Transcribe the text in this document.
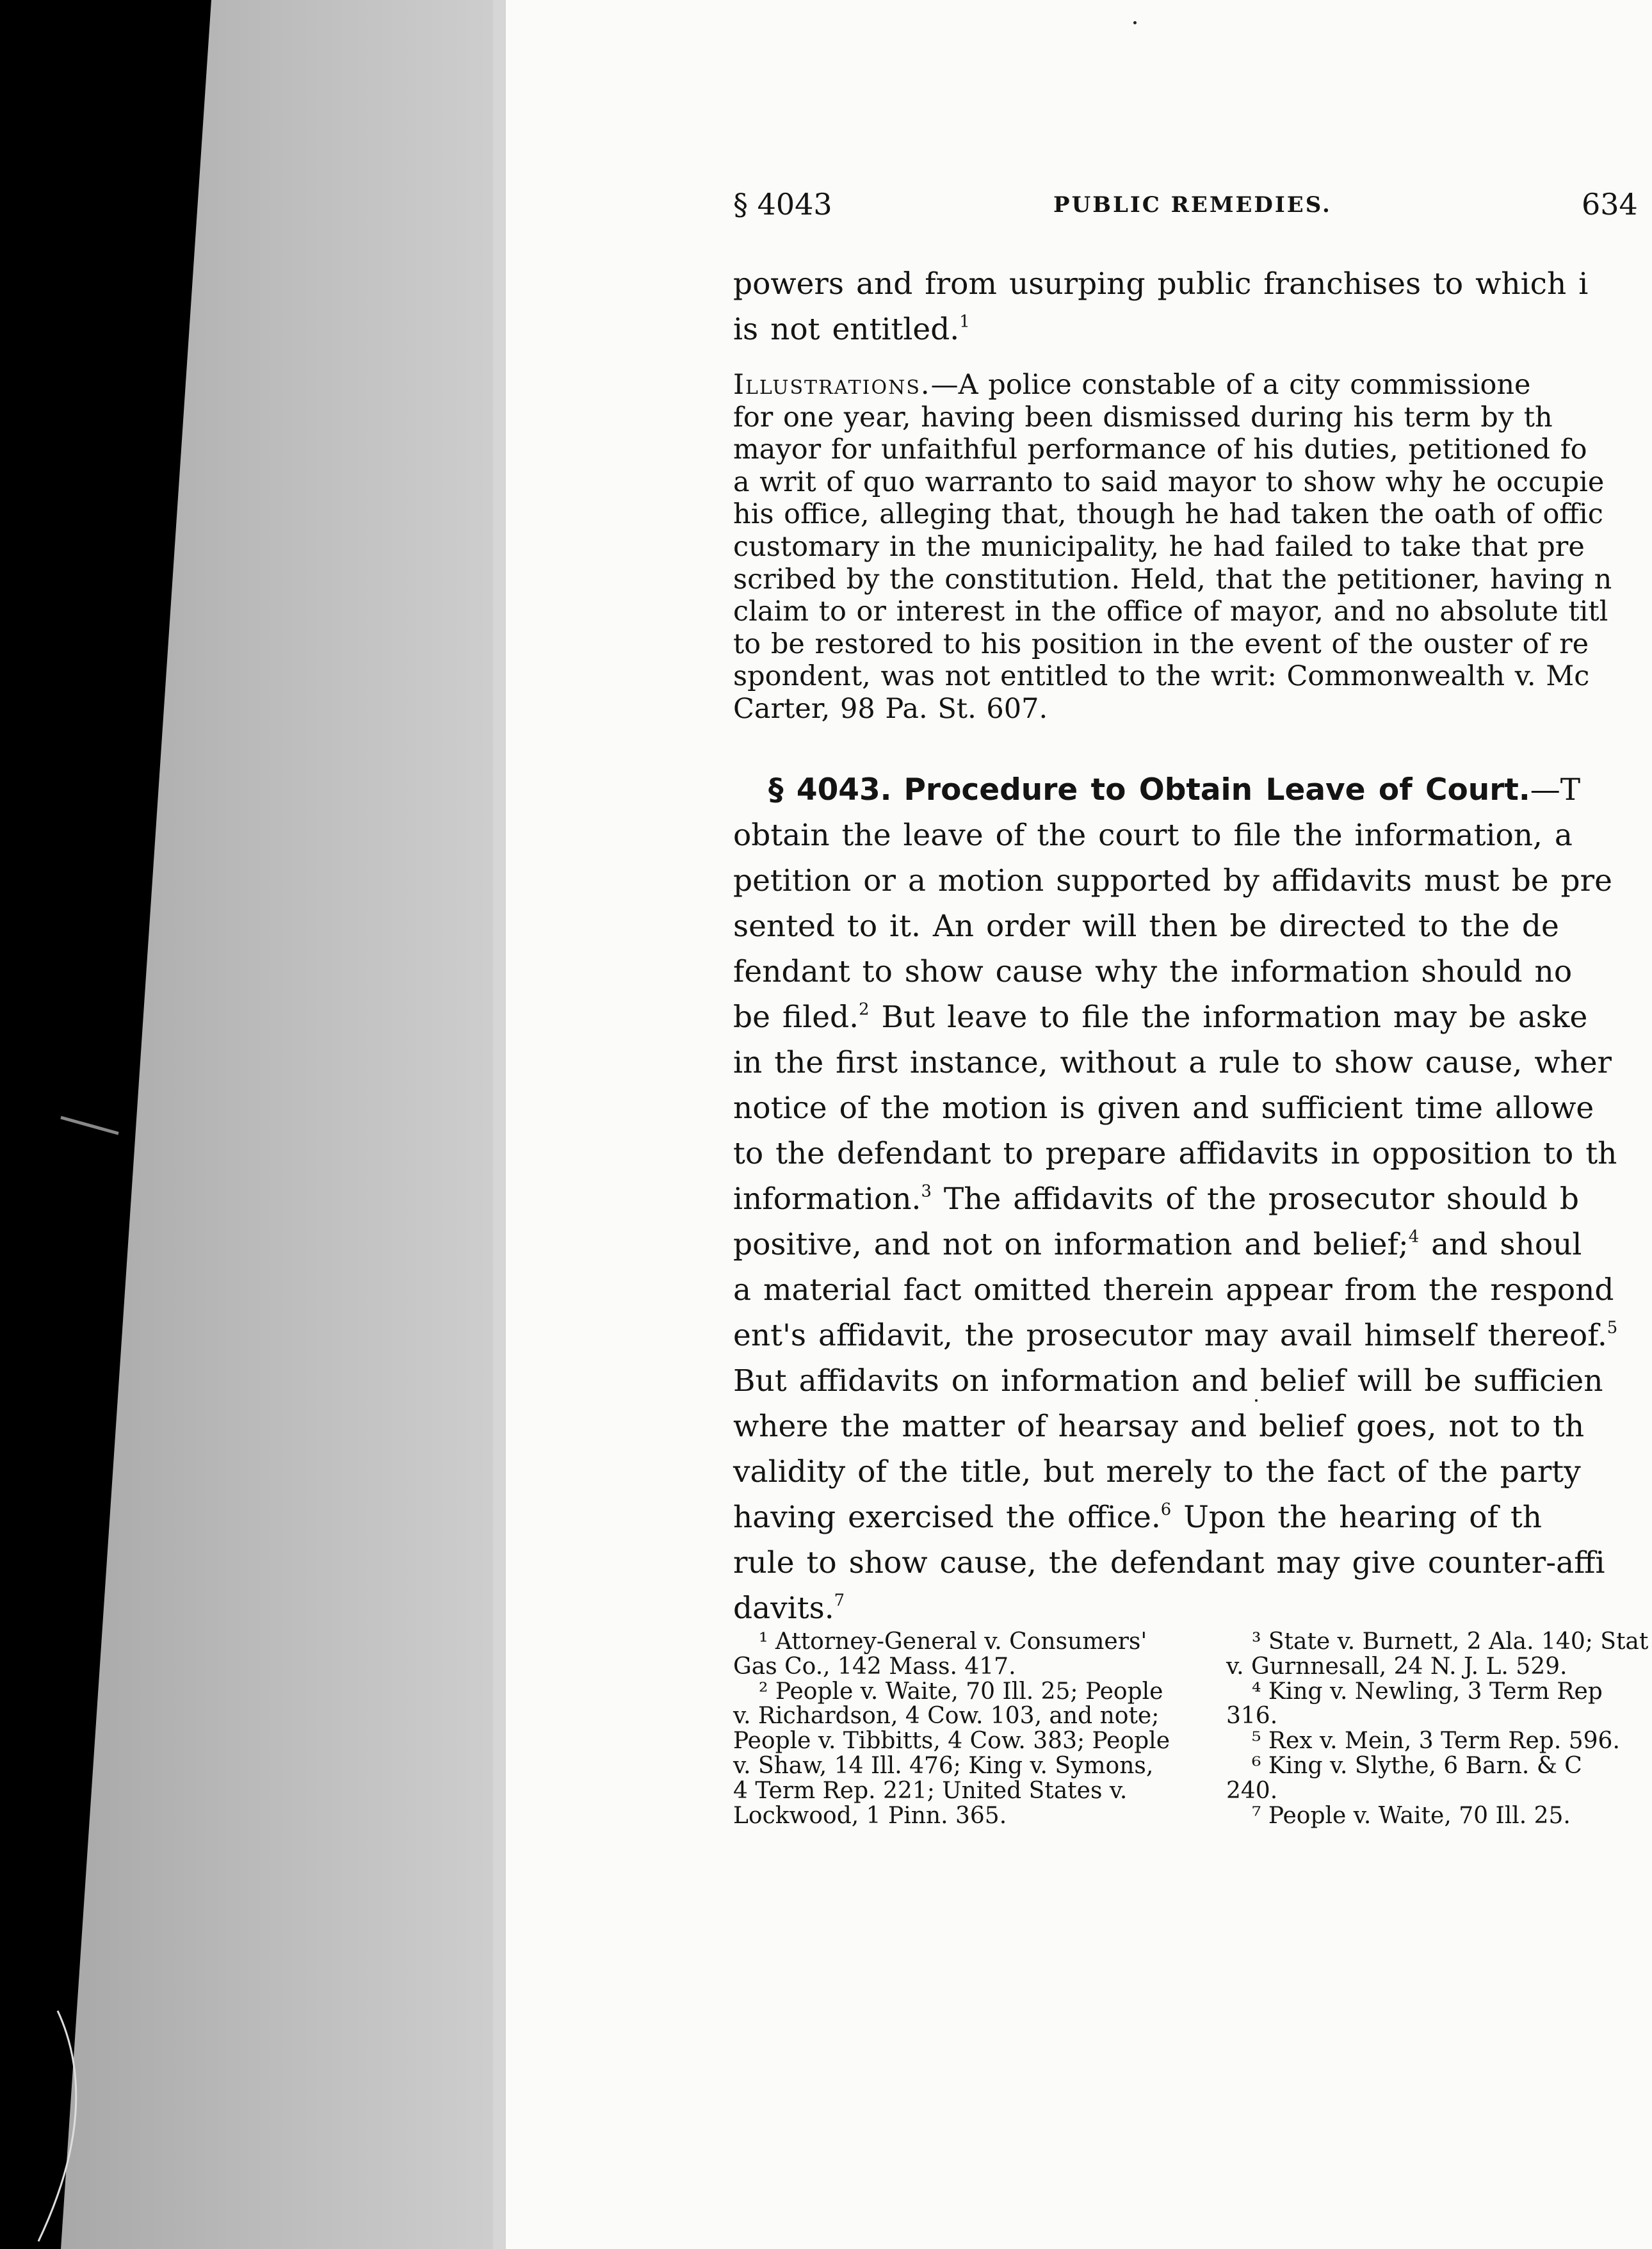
§ 4043	PUBLIC REMEDIES.	634
powers and from usurping public franchises to which i
is not entitled.$^1$
Illustrations.—A police constable of a city commissione
for one year, having been dismissed during his term by th
mayor for unfaithful performance of his duties, petitioned fo
a writ of quo warranto to said mayor to show why he occupie
his office, alleging that, though he had taken the oath of offic
customary in the municipality, he had failed to take that pre
scribed by the constitution. Held, that the petitioner, having n
claim to or interest in the office of mayor, and no absolute titl
to be restored to his position in the event of the ouster of re
spondent, was not entitled to the writ: Commonwealth v. Mc
Carter, 98 Pa. St. 607.
§ 4043. Procedure to Obtain Leave of Court.—T
obtain the leave of the court to file the information, a
petition or a motion supported by affidavits must be pre
sented to it. An order will then be directed to the de
fendant to show cause why the information should no
be filed.$^2$ But leave to file the information may be aske
in the first instance, without a rule to show cause, wher
notice of the motion is given and sufficient time allowe
to the defendant to prepare affidavits in opposition to th
information.$^3$ The affidavits of the prosecutor should b
positive, and not on information and belief;$^4$ and shoul
a material fact omitted therein appear from the respond
ent's affidavit, the prosecutor may avail himself thereof.$^5$
But affidavits on information and belief will be sufficien
where the matter of hearsay and belief goes, not to th
validity of the title, but merely to the fact of the party
having exercised the office.$^6$ Upon the hearing of th
rule to show cause, the defendant may give counter-affi
davits.$^7$
¹ Attorney-General v. Consumers'
Gas Co., 142 Mass. 417.
² People v. Waite, 70 Ill. 25; People
v. Richardson, 4 Cow. 103, and note;
People v. Tibbitts, 4 Cow. 383; People
v. Shaw, 14 Ill. 476; King v. Symons,
4 Term Rep. 221; United States v.
Lockwood, 1 Pinn. 365.
³ State v. Burnett, 2 Ala. 140; Stat
v. Gurnnesall, 24 N. J. L. 529.
⁴ King v. Newling, 3 Term Rep
316.
⁵ Rex v. Mein, 3 Term Rep. 596.
⁶ King v. Slythe, 6 Barn. & C
240.
⁷ People v. Waite, 70 Ill. 25.
